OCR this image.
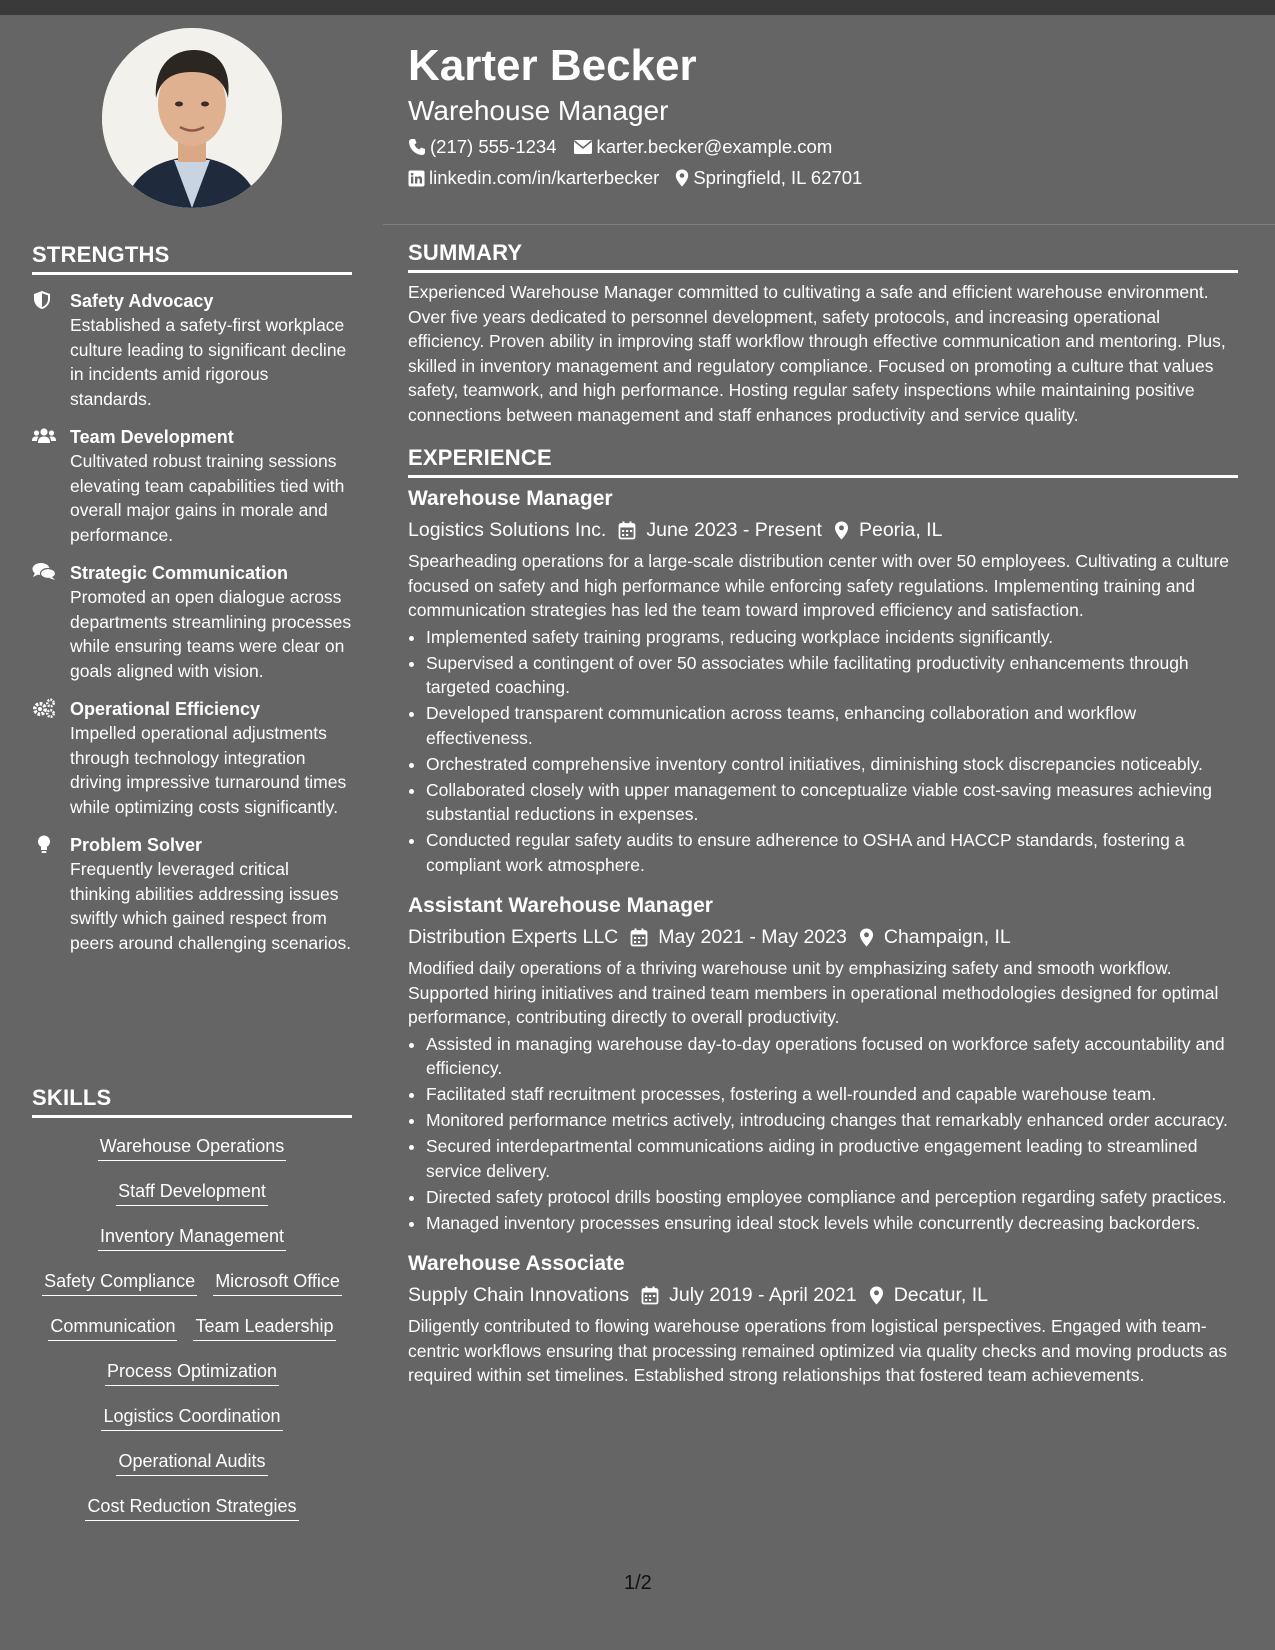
STRENGTHS
Safety Advocacy
Established a safety-first workplace culture leading to significant decline in incidents amid rigorous standards.
Team Development
Cultivated robust training sessions elevating team capabilities tied with overall major gains in morale and performance.
Strategic Communication
Promoted an open dialogue across departments streamlining processes while ensuring teams were clear on goals aligned with vision.
Operational Efficiency
Impelled operational adjustments through technology integration driving impressive turnaround times while optimizing costs significantly.
Problem Solver
Frequently leveraged critical thinking abilities addressing issues swiftly which gained respect from peers around challenging scenarios.
SKILLS
Warehouse Operations
Staff Development
Inventory Management
Safety Compliance Microsoft Office
Communication Team Leadership
Process Optimization
Logistics Coordination
Operational Audits
Cost Reduction Strategies
Karter Becker
Warehouse Manager
(217) 555-1234 karter.becker@example.com
linkedin.com/in/karterbecker Springfield, IL 62701
SUMMARY

Experienced Warehouse Manager committed to cultivating a safe and efficient warehouse environment. Over five years dedicated to personnel development, safety protocols, and increasing operational efficiency. Proven ability in improving staff workflow through effective communication and mentoring. Plus, skilled in inventory management and regulatory compliance. Focused on promoting a culture that values safety, teamwork, and high performance. Hosting regular safety inspections while maintaining positive connections between management and staff enhances productivity and service quality.

EXPERIENCE
Warehouse Manager
Logistics Solutions Inc. June 2023 - Present Peoria, IL
Spearheading operations for a large-scale distribution center with over 50 employees. Cultivating a culture focused on safety and high performance while enforcing safety regulations. Implementing training and communication strategies has led the team toward improved efficiency and satisfaction.
• Implemented safety training programs, reducing workplace incidents significantly.
• Supervised a contingent of over 50 associates while facilitating productivity enhancements through targeted coaching.
• Developed transparent communication across teams, enhancing collaboration and workflow effectiveness.
• Orchestrated comprehensive inventory control initiatives, diminishing stock discrepancies noticeably.
• Collaborated closely with upper management to conceptualize viable cost-saving measures achieving substantial reductions in expenses.
• Conducted regular safety audits to ensure adherence to OSHA and HACCP standards, fostering a compliant work atmosphere.
Assistant Warehouse Manager
Distribution Experts LLC May 2021 - May 2023 Champaign, IL
Modified daily operations of a thriving warehouse unit by emphasizing safety and smooth workflow. Supported hiring initiatives and trained team members in operational methodologies designed for optimal performance, contributing directly to overall productivity.
• Assisted in managing warehouse day-to-day operations focused on workforce safety accountability and efficiency.
• Facilitated staff recruitment processes, fostering a well-rounded and capable warehouse team.
• Monitored performance metrics actively, introducing changes that remarkably enhanced order accuracy.
• Secured interdepartmental communications aiding in productive engagement leading to streamlined service delivery.
• Directed safety protocol drills boosting employee compliance and perception regarding safety practices.
• Managed inventory processes ensuring ideal stock levels while concurrently decreasing backorders.
Warehouse Associate
Supply Chain Innovations July 2019 - April 2021 Decatur, IL
Diligently contributed to flowing warehouse operations from logistical perspectives. Engaged with team-centric workflows ensuring that processing remained optimized via quality checks and moving products as required within set timelines. Established strong relationships that fostered team achievements.
1/2
